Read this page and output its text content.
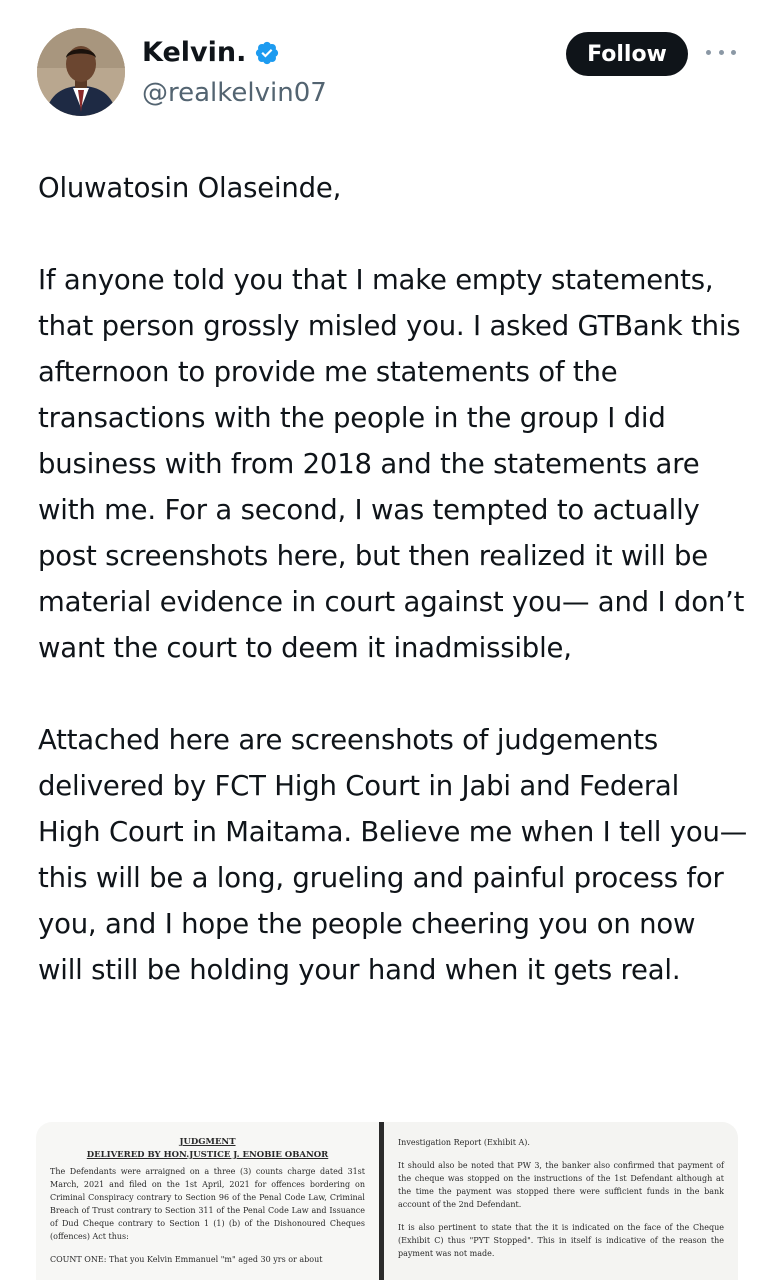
Kelvin.
@realkelvin07
Follow

Oluwatosin Olaseinde,

If anyone told you that I make empty statements, that person grossly misled you. I asked GTBank this afternoon to provide me statements of the transactions with the people in the group I did business with from 2018 and the statements are with me. For a second, I was tempted to actually post screenshots here, but then realized it will be material evidence in court against you— and I don’t want the court to deem it inadmissible,

Attached here are screenshots of judgements delivered by FCT High Court in Jabi and Federal High Court in Maitama. Believe me when I tell you— this will be a long, grueling and painful process for you, and I hope the people cheering you on now will still be holding your hand when it gets real.

JUDGMENT
DELIVERED BY HON.JUSTICE J. ENOBIE OBANOR

The Defendants were arraigned on a three (3) counts charge dated 31st March, 2021 and filed on the 1st April, 2021 for offences bordering on Criminal Conspiracy contrary to Section 96 of the Penal Code Law, Criminal Breach of Trust contrary to Section 311 of the Penal Code Law and Issuance of Dud Cheque contrary to Section 1 (1) (b) of the Dishonoured Cheques (offences) Act thus:

COUNT ONE: That you Kelvin Emmanuel "m" aged 30 yrs or about

Investigation Report (Exhibit A).

It should also be noted that PW 3, the banker also confirmed that payment of the cheque was stopped on the instructions of the 1st Defendant although at the time the payment was stopped there were sufficient funds in the bank account of the 2nd Defendant.

It is also pertinent to state that the it is indicated on the face of the Cheque (Exhibit C) thus "PYT Stopped". This in itself is indicative of the reason the payment was not made.
